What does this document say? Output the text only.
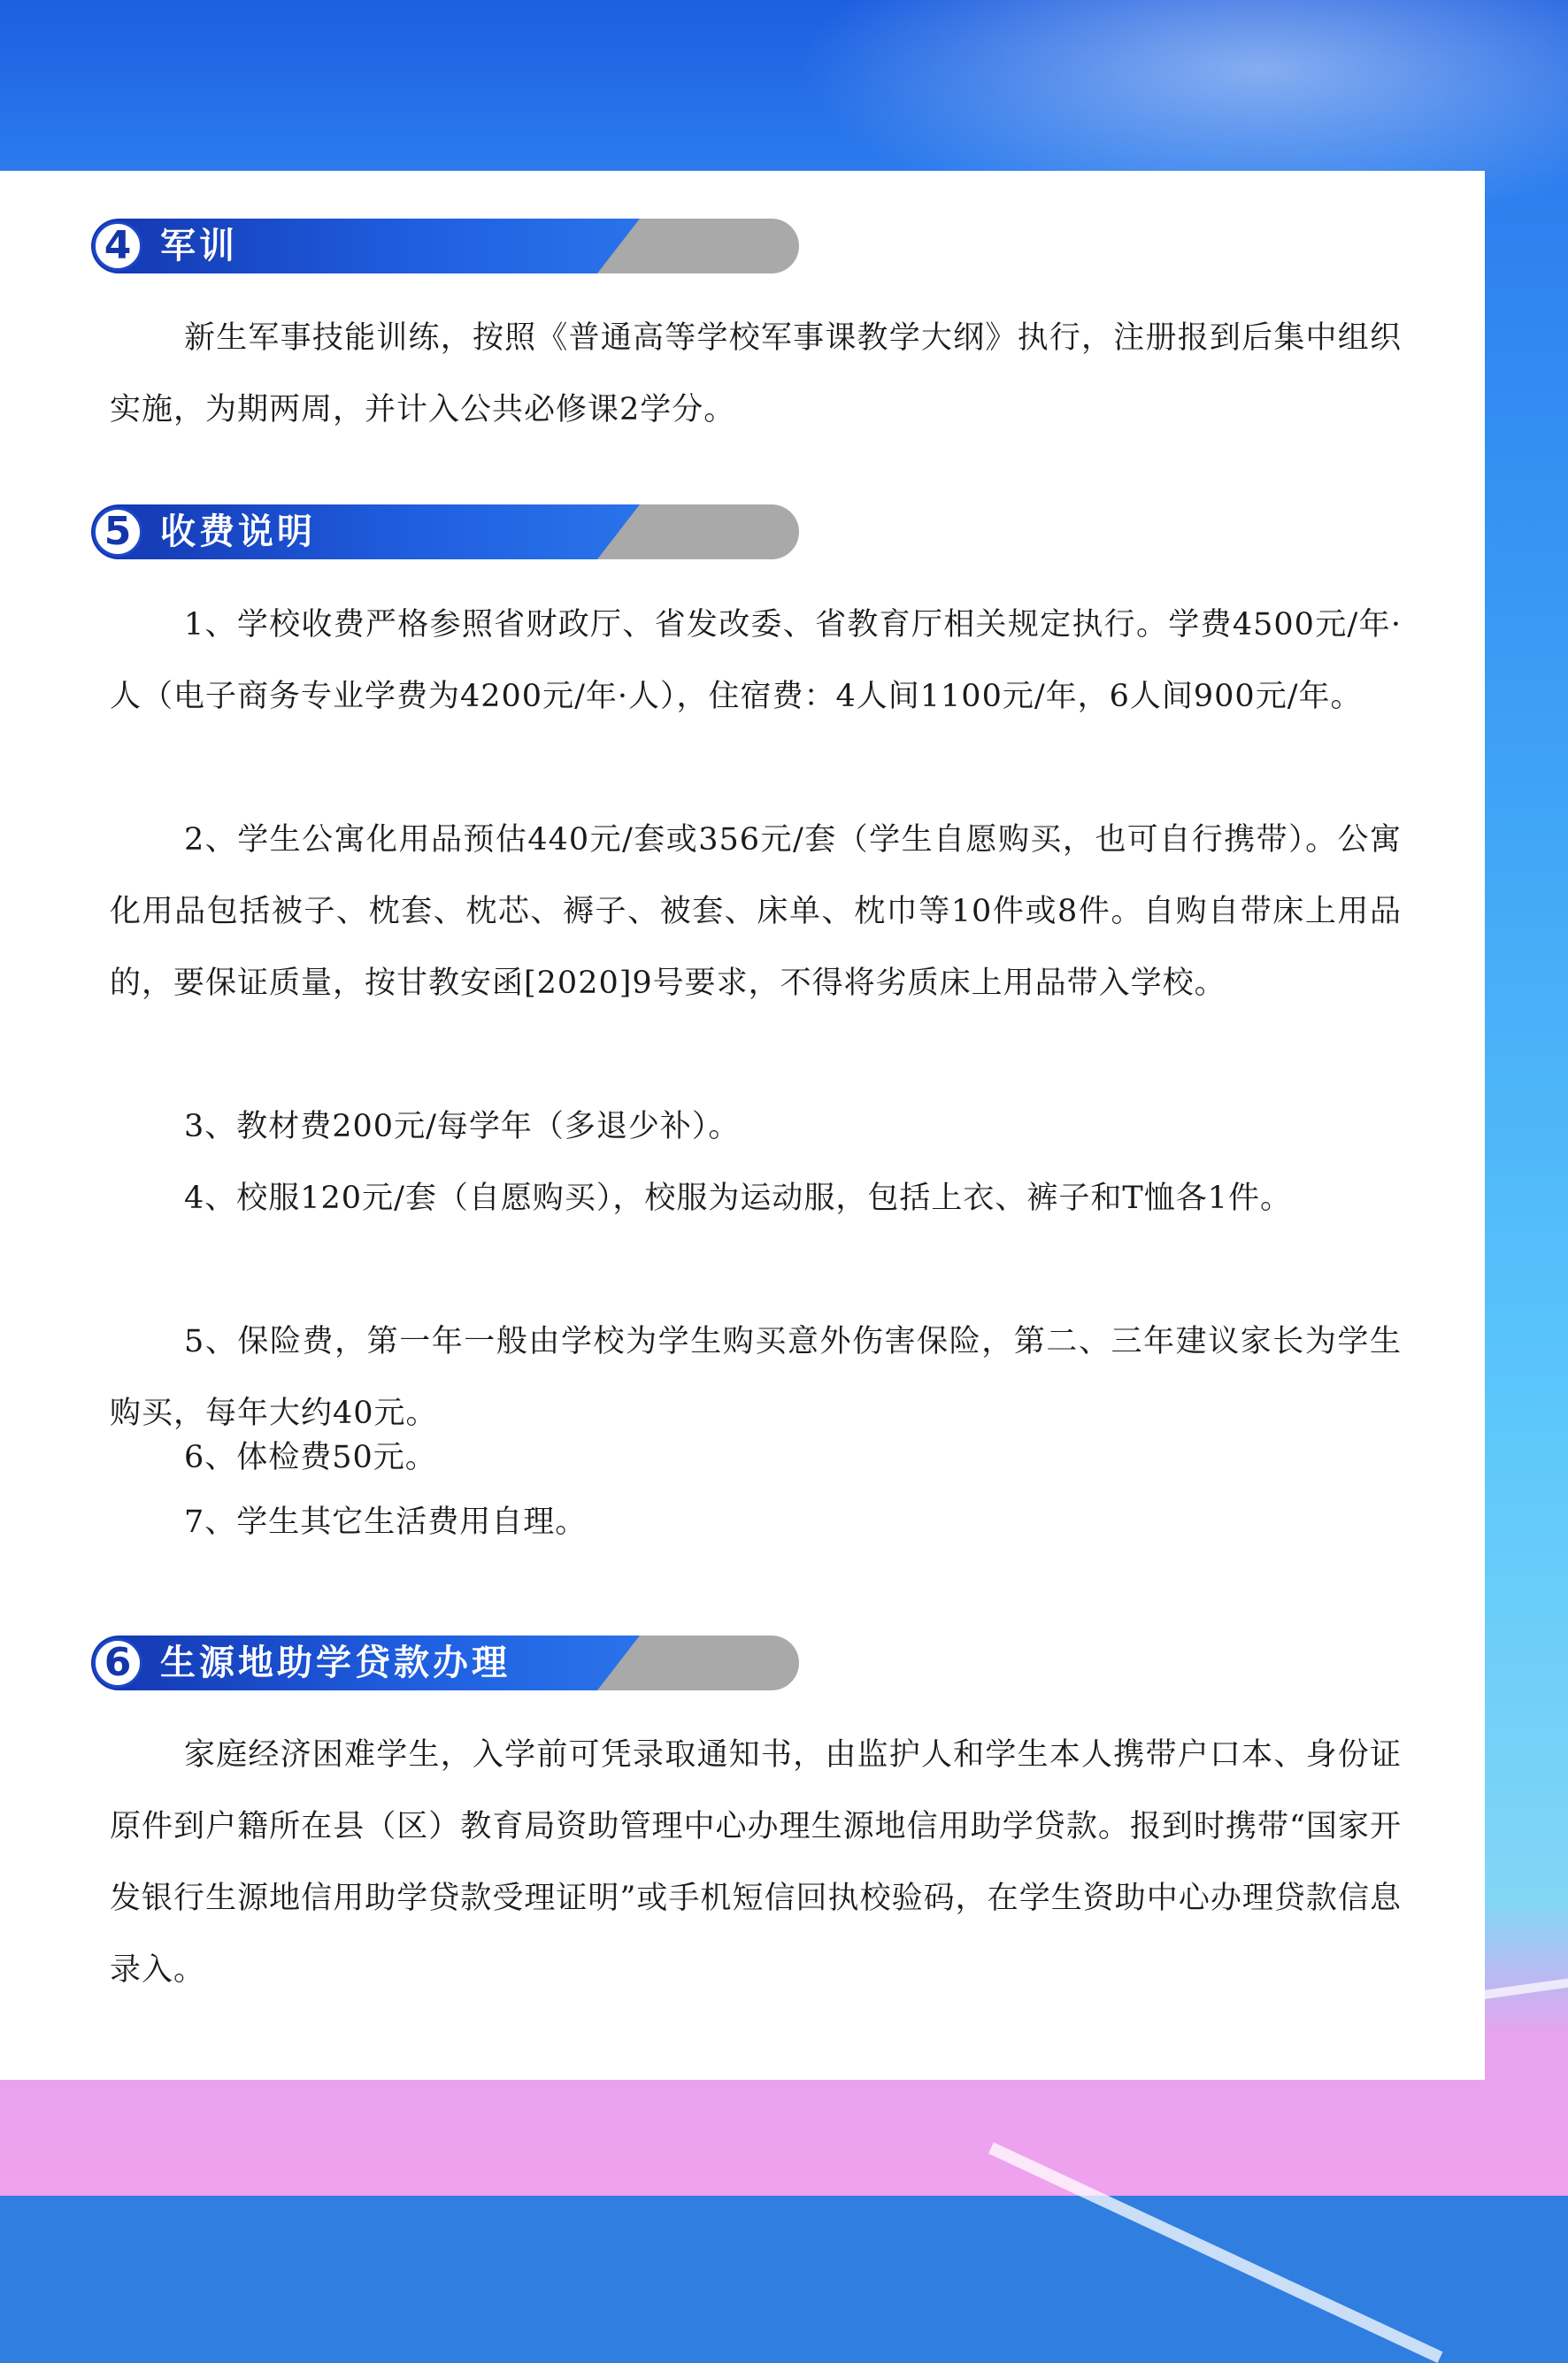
4 军训

新生军事技能训练，按照《普通高等学校军事课教学大纲》执行，注册报到后集中组织实施，为期两周，并计入公共必修课2学分。

5 收费说明

1、学校收费严格参照省财政厅、省发改委、省教育厅相关规定执行。学费4500元/年·人（电子商务专业学费为4200元/年·人），住宿费：4人间1100元/年，6人间900元/年。

2、学生公寓化用品预估440元/套或356元/套（学生自愿购买，也可自行携带）。公寓化用品包括被子、枕套、枕芯、褥子、被套、床单、枕巾等10件或8件。自购自带床上用品的，要保证质量，按甘教安函[2020]9号要求，不得将劣质床上用品带入学校。

3、教材费200元/每学年（多退少补）。

4、校服120元/套（自愿购买），校服为运动服，包括上衣、裤子和T恤各1件。

5、保险费，第一年一般由学校为学生购买意外伤害保险，第二、三年建议家长为学生购买，每年大约40元。

6、体检费50元。

7、学生其它生活费用自理。

6 生源地助学贷款办理

家庭经济困难学生，入学前可凭录取通知书，由监护人和学生本人携带户口本、身份证原件到户籍所在县（区）教育局资助管理中心办理生源地信用助学贷款。报到时携带“国家开发银行生源地信用助学贷款受理证明”或手机短信回执校验码，在学生资助中心办理贷款信息录入。
